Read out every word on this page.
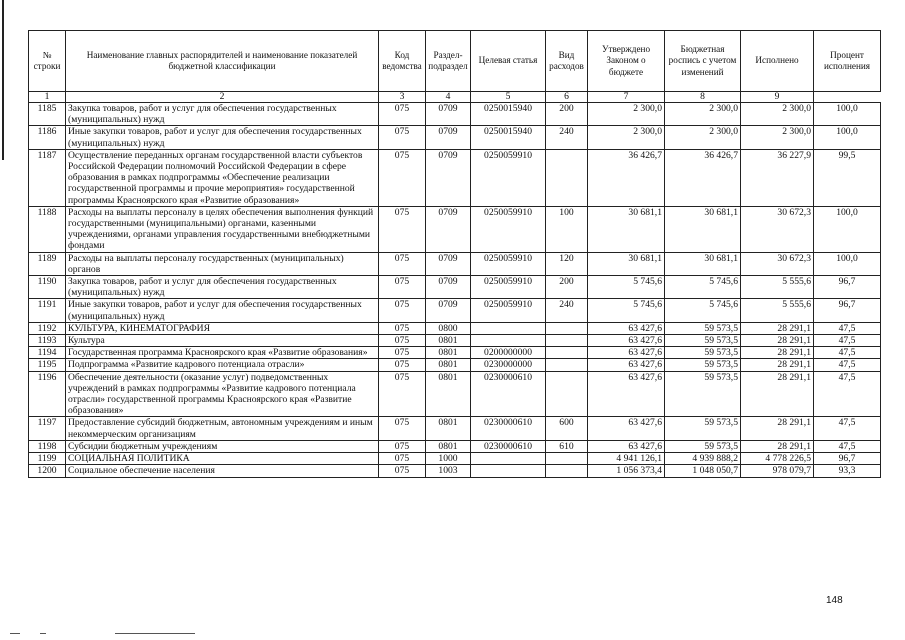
№ строки	Наименование главных распорядителей и наименование показателей бюджетной классификации	Код ведомства	Раздел-подраздел	Целевая статья	Вид расходов	Утверждено Законом о бюджете	Бюджетная роспись с учетом изменений	Исполнено	Процент исполнения
1	2	3	4	5	6	7	8	9	
1185	Закупка товаров, работ и услуг для обеспечения государственных (муниципальных) нужд	075	0709	0250015940	200	2 300,0	2 300,0	2 300,0	100,0
1186	Иные закупки товаров, работ и услуг для обеспечения государственных (муниципальных) нужд	075	0709	0250015940	240	2 300,0	2 300,0	2 300,0	100,0
1187	Осуществление переданных органам государственной власти субъектов Российской Федерации полномочий Российской Федерации в сфере образования в рамках подпрограммы «Обеспечение реализации государственной программы и прочие мероприятия» государственной программы Красноярского края «Развитие образования»	075	0709	0250059910		36 426,7	36 426,7	36 227,9	99,5
1188	Расходы на выплаты персоналу в целях обеспечения выполнения функций государственными (муниципальными) органами, казенными учреждениями, органами управления государственными внебюджетными фондами	075	0709	0250059910	100	30 681,1	30 681,1	30 672,3	100,0
1189	Расходы на выплаты персоналу государственных (муниципальных) органов	075	0709	0250059910	120	30 681,1	30 681,1	30 672,3	100,0
1190	Закупка товаров, работ и услуг для обеспечения государственных (муниципальных) нужд	075	0709	0250059910	200	5 745,6	5 745,6	5 555,6	96,7
1191	Иные закупки товаров, работ и услуг для обеспечения государственных (муниципальных) нужд	075	0709	0250059910	240	5 745,6	5 745,6	5 555,6	96,7
1192	КУЛЬТУРА, КИНЕМАТОГРАФИЯ	075	0800			63 427,6	59 573,5	28 291,1	47,5
1193	Культура	075	0801			63 427,6	59 573,5	28 291,1	47,5
1194	Государственная программа Красноярского края «Развитие образования»	075	0801	0200000000		63 427,6	59 573,5	28 291,1	47,5
1195	Подпрограмма «Развитие кадрового потенциала отрасли»	075	0801	0230000000		63 427,6	59 573,5	28 291,1	47,5
1196	Обеспечение деятельности (оказание услуг) подведомственных учреждений в рамках подпрограммы «Развитие кадрового потенциала отрасли» государственной программы Красноярского края «Развитие образования»	075	0801	0230000610		63 427,6	59 573,5	28 291,1	47,5
1197	Предоставление субсидий бюджетным, автономным учреждениям и иным некоммерческим организациям	075	0801	0230000610	600	63 427,6	59 573,5	28 291,1	47,5
1198	Субсидии бюджетным учреждениям	075	0801	0230000610	610	63 427,6	59 573,5	28 291,1	47,5
1199	СОЦИАЛЬНАЯ ПОЛИТИКА	075	1000			4 941 126,1	4 939 888,2	4 778 226,5	96,7
1200	Социальное обеспечение населения	075	1003			1 056 373,4	1 048 050,7	978 079,7	93,3
148
